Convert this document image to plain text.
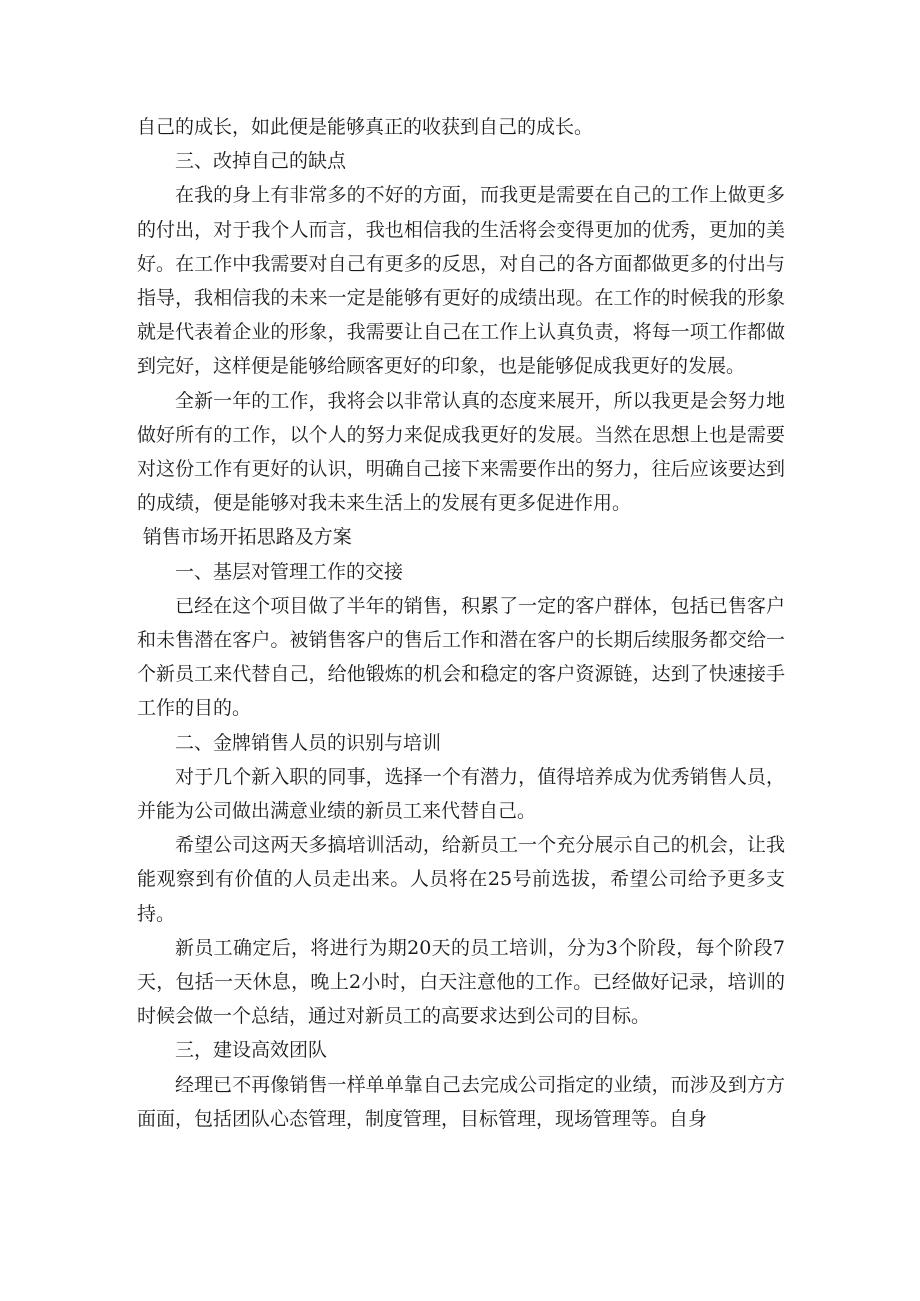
自己的成长，如此便是能够真正的收获到自己的成长。

三、改掉自己的缺点

在我的身上有非常多的不好的方面，而我更是需要在自己的工作上做更多的付出，对于我个人而言，我也相信我的生活将会变得更加的优秀，更加的美好。在工作中我需要对自己有更多的反思，对自己的各方面都做更多的付出与指导，我相信我的未来一定是能够有更好的成绩出现。在工作的时候我的形象就是代表着企业的形象，我需要让自己在工作上认真负责，将每一项工作都做到完好，这样便是能够给顾客更好的印象，也是能够促成我更好的发展。

全新一年的工作，我将会以非常认真的态度来展开，所以我更是会努力地做好所有的工作，以个人的努力来促成我更好的发展。当然在思想上也是需要对这份工作有更好的认识，明确自己接下来需要作出的努力，往后应该要达到的成绩，便是能够对我未来生活上的发展有更多促进作用。

销售市场开拓思路及方案

一、基层对管理工作的交接

已经在这个项目做了半年的销售，积累了一定的客户群体，包括已售客户和未售潜在客户。被销售客户的售后工作和潜在客户的长期后续服务都交给一个新员工来代替自己，给他锻炼的机会和稳定的客户资源链，达到了快速接手工作的目的。

二、金牌销售人员的识别与培训

对于几个新入职的同事，选择一个有潜力，值得培养成为优秀销售人员，并能为公司做出满意业绩的新员工来代替自己。

希望公司这两天多搞培训活动，给新员工一个充分展示自己的机会，让我能观察到有价值的人员走出来。人员将在25号前选拔，希望公司给予更多支持。

新员工确定后，将进行为期20天的员工培训，分为3个阶段，每个阶段7天，包括一天休息，晚上2小时，白天注意他的工作。已经做好记录，培训的时候会做一个总结，通过对新员工的高要求达到公司的目标。

三，建设高效团队

经理已不再像销售一样单单靠自己去完成公司指定的业绩，而涉及到方方面面，包括团队心态管理，制度管理，目标管理，现场管理等。自身
